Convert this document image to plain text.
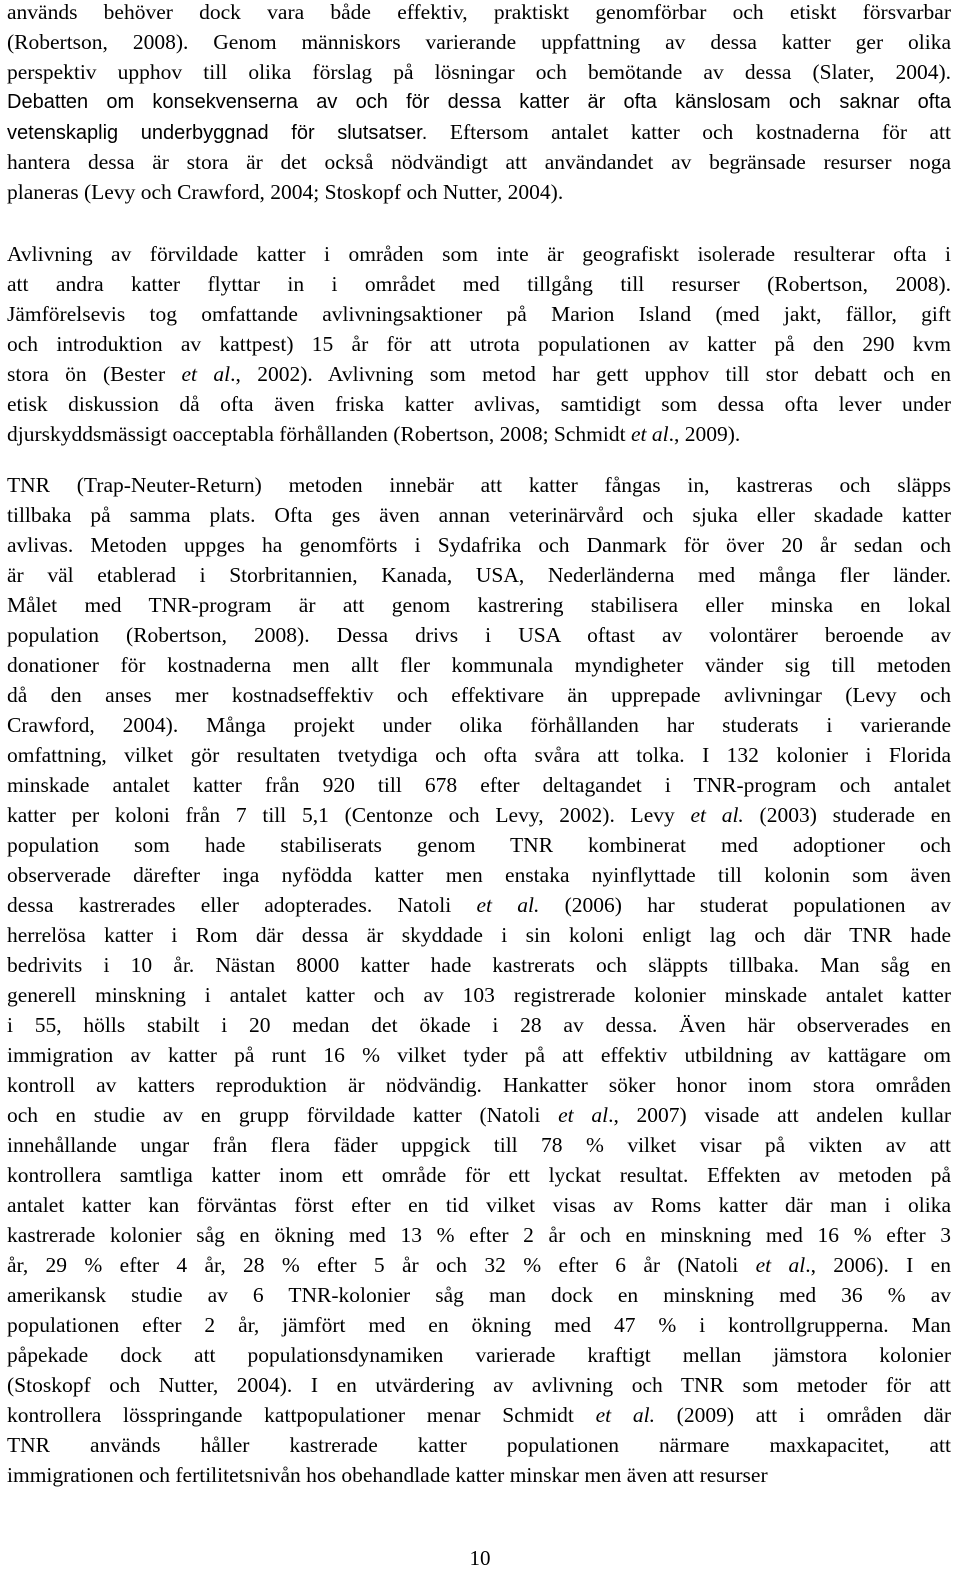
används behöver dock vara både effektiv, praktiskt genomförbar och etiskt försvarbar
(Robertson, 2008). Genom människors varierande uppfattning av dessa katter ger olika
perspektiv upphov till olika förslag på lösningar och bemötande av dessa (Slater, 2004).
Debatten om konsekvenserna av och för dessa katter är ofta känslosam och saknar ofta
vetenskaplig underbyggnad för slutsatser. Eftersom antalet katter och kostnaderna för att
hantera dessa är stora är det också nödvändigt att användandet av begränsade resurser noga
planeras (Levy och Crawford, 2004; Stoskopf och Nutter, 2004).
Avlivning av förvildade katter i områden som inte är geografiskt isolerade resulterar ofta i
att andra katter flyttar in i området med tillgång till resurser (Robertson, 2008).
Jämförelsevis tog omfattande avlivningsaktioner på Marion Island (med jakt, fällor, gift
och introduktion av kattpest) 15 år för att utrota populationen av katter på den 290 kvm
stora ön (Bester et al., 2002). Avlivning som metod har gett upphov till stor debatt och en
etisk diskussion då ofta även friska katter avlivas, samtidigt som dessa ofta lever under
djurskyddsmässigt oacceptabla förhållanden (Robertson, 2008; Schmidt et al., 2009).
TNR (Trap-Neuter-Return) metoden innebär att katter fångas in, kastreras och släpps
tillbaka på samma plats. Ofta ges även annan veterinärvård och sjuka eller skadade katter
avlivas. Metoden uppges ha genomförts i Sydafrika och Danmark för över 20 år sedan och
är väl etablerad i Storbritannien, Kanada, USA, Nederländerna med många fler länder.
Målet med TNR-program är att genom kastrering stabilisera eller minska en lokal
population (Robertson, 2008). Dessa drivs i USA oftast av volontärer beroende av
donationer för kostnaderna men allt fler kommunala myndigheter vänder sig till metoden
då den anses mer kostnadseffektiv och effektivare än upprepade avlivningar (Levy och
Crawford, 2004). Många projekt under olika förhållanden har studerats i varierande
omfattning, vilket gör resultaten tvetydiga och ofta svåra att tolka. I 132 kolonier i Florida
minskade antalet katter från 920 till 678 efter deltagandet i TNR-program och antalet
katter per koloni från 7 till 5,1 (Centonze och Levy, 2002). Levy et al. (2003) studerade en
population som hade stabiliserats genom TNR kombinerat med adoptioner och
observerade därefter inga nyfödda katter men enstaka nyinflyttade till kolonin som även
dessa kastrerades eller adopterades. Natoli et al. (2006) har studerat populationen av
herrelösa katter i Rom där dessa är skyddade i sin koloni enligt lag och där TNR hade
bedrivits i 10 år. Nästan 8000 katter hade kastrerats och släppts tillbaka. Man såg en
generell minskning i antalet katter och av 103 registrerade kolonier minskade antalet katter
i 55, hölls stabilt i 20 medan det ökade i 28 av dessa. Även här observerades en
immigration av katter på runt 16 % vilket tyder på att effektiv utbildning av kattägare om
kontroll av katters reproduktion är nödvändig. Hankatter söker honor inom stora områden
och en studie av en grupp förvildade katter (Natoli et al., 2007) visade att andelen kullar
innehållande ungar från flera fäder uppgick till 78 % vilket visar på vikten av att
kontrollera samtliga katter inom ett område för ett lyckat resultat. Effekten av metoden på
antalet katter kan förväntas först efter en tid vilket visas av Roms katter där man i olika
kastrerade kolonier såg en ökning med 13 % efter 2 år och en minskning med 16 % efter 3
år, 29 % efter 4 år, 28 % efter 5 år och 32 % efter 6 år (Natoli et al., 2006). I en
amerikansk studie av 6 TNR-kolonier såg man dock en minskning med 36 % av
populationen efter 2 år, jämfört med en ökning med 47 % i kontrollgrupperna. Man
påpekade dock att populationsdynamiken varierade kraftigt mellan jämstora kolonier
(Stoskopf och Nutter, 2004). I en utvärdering av avlivning och TNR som metoder för att
kontrollera lösspringande kattpopulationer menar Schmidt et al. (2009) att i områden där
TNR används håller kastrerade katter populationen närmare maxkapacitet, att
immigrationen och fertilitetsnivån hos obehandlade katter minskar men även att resurser
10
